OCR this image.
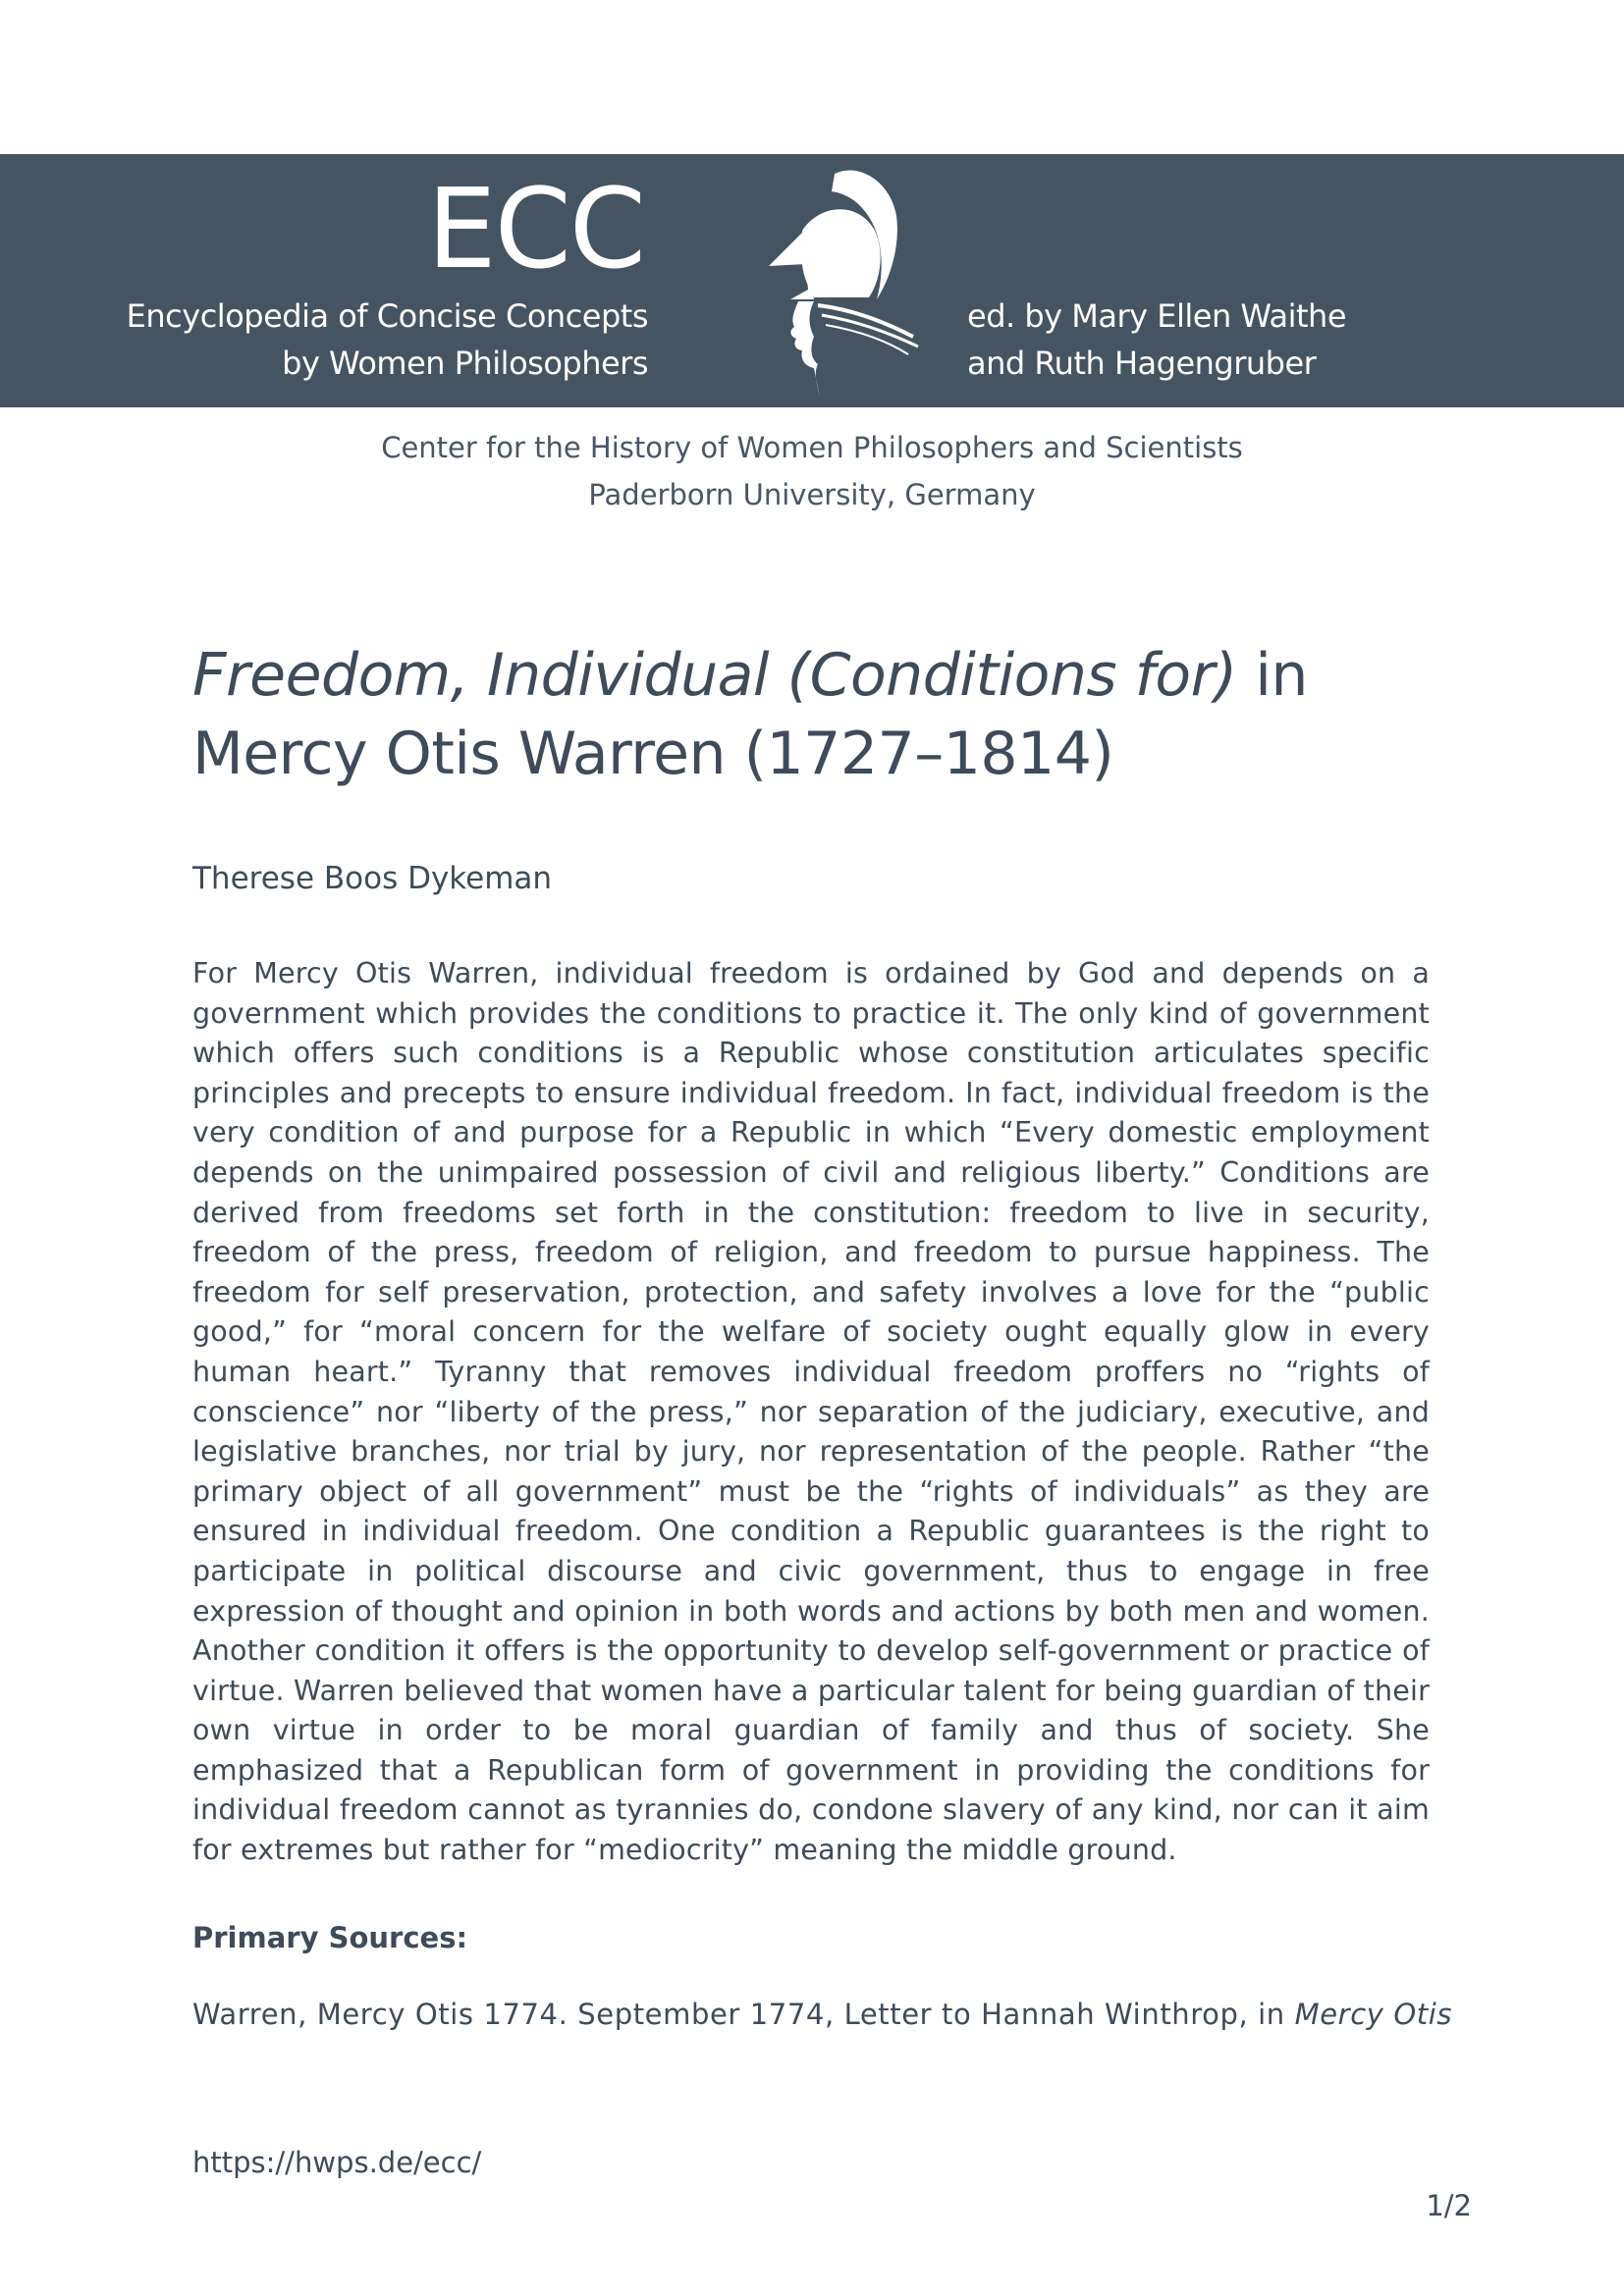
ECC
Encyclopedia of Concise Concepts
by Women Philosophers
ed. by Mary Ellen Waithe
and Ruth Hagengruber
Center for the History of Women Philosophers and Scientists
Paderborn University, Germany
Freedom, Individual (Conditions for) in Mercy Otis Warren (1727–1814)
Therese Boos Dykeman
For Mercy Otis Warren, individual freedom is ordained by God and depends on a government which provides the conditions to practice it. The only kind of government which offers such conditions is a Republic whose constitution articulates specific principles and precepts to ensure individual freedom. In fact, individual freedom is the very condition of and purpose for a Republic in which “Every domestic employment depends on the unimpaired possession of civil and religious liberty.” Conditions are derived from freedoms set forth in the constitution: freedom to live in security, freedom of the press, freedom of religion, and freedom to pursue happiness. The freedom for self preservation, protection, and safety involves a love for the “public good,” for “moral concern for the welfare of society ought equally glow in every human heart.” Tyranny that removes individual freedom proffers no “rights of conscience” nor “liberty of the press,” nor separation of the judiciary, executive, and legislative branches, nor trial by jury, nor representation of the people. Rather “the primary object of all government” must be the “rights of individuals” as they are ensured in individual freedom. One condition a Republic guarantees is the right to participate in political discourse and civic government, thus to engage in free expression of thought and opinion in both words and actions by both men and women. Another condition it offers is the opportunity to develop self-government or practice of virtue. Warren believed that women have a particular talent for being guardian of their own virtue in order to be moral guardian of family and thus of society. She emphasized that a Republican form of government in providing the conditions for individual freedom cannot as tyrannies do, condone slavery of any kind, nor can it aim for extremes but rather for “mediocrity” meaning the middle ground.
Primary Sources:
Warren, Mercy Otis 1774. September 1774, Letter to Hannah Winthrop, in Mercy Otis
https://hwps.de/ecc/
1/2
